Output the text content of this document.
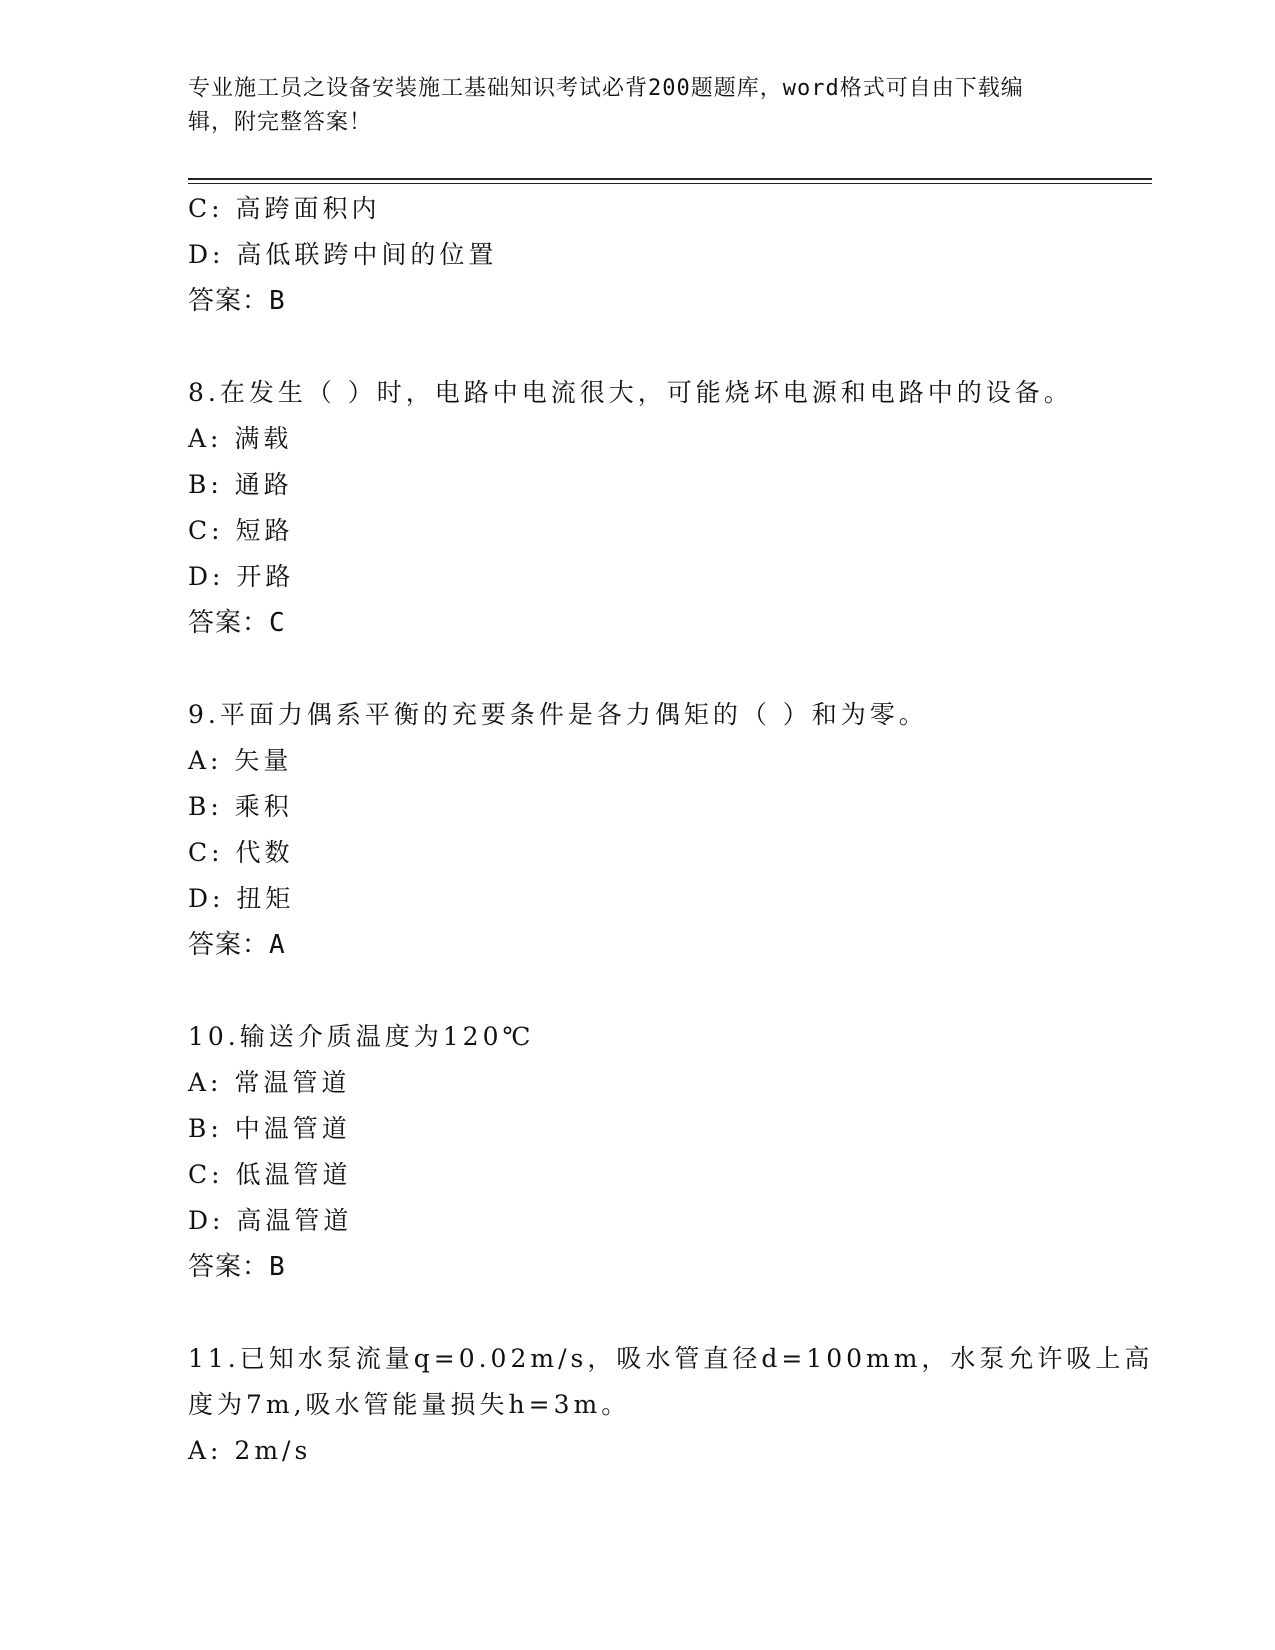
专业施工员之设备安装施工基础知识考试必背200题题库，word格式可自由下载编辑，附完整答案！
C: 高跨面积内
D: 高低联跨中间的位置
答案：B
8.在发生（ ）时，电路中电流很大，可能烧坏电源和电路中的设备。
A: 满载
B: 通路
C: 短路
D: 开路
答案：C
9.平面力偶系平衡的充要条件是各力偶矩的（ ）和为零。
A: 矢量
B: 乘积
C: 代数
D: 扭矩
答案：A
10.输送介质温度为120℃
A: 常温管道
B: 中温管道
C: 低温管道
D: 高温管道
答案：B
11.已知水泵流量q=0.02m/s，吸水管直径d=100mm，水泵允许吸上高
度为7m,吸水管能量损失h=3m。
A: 2m/s
